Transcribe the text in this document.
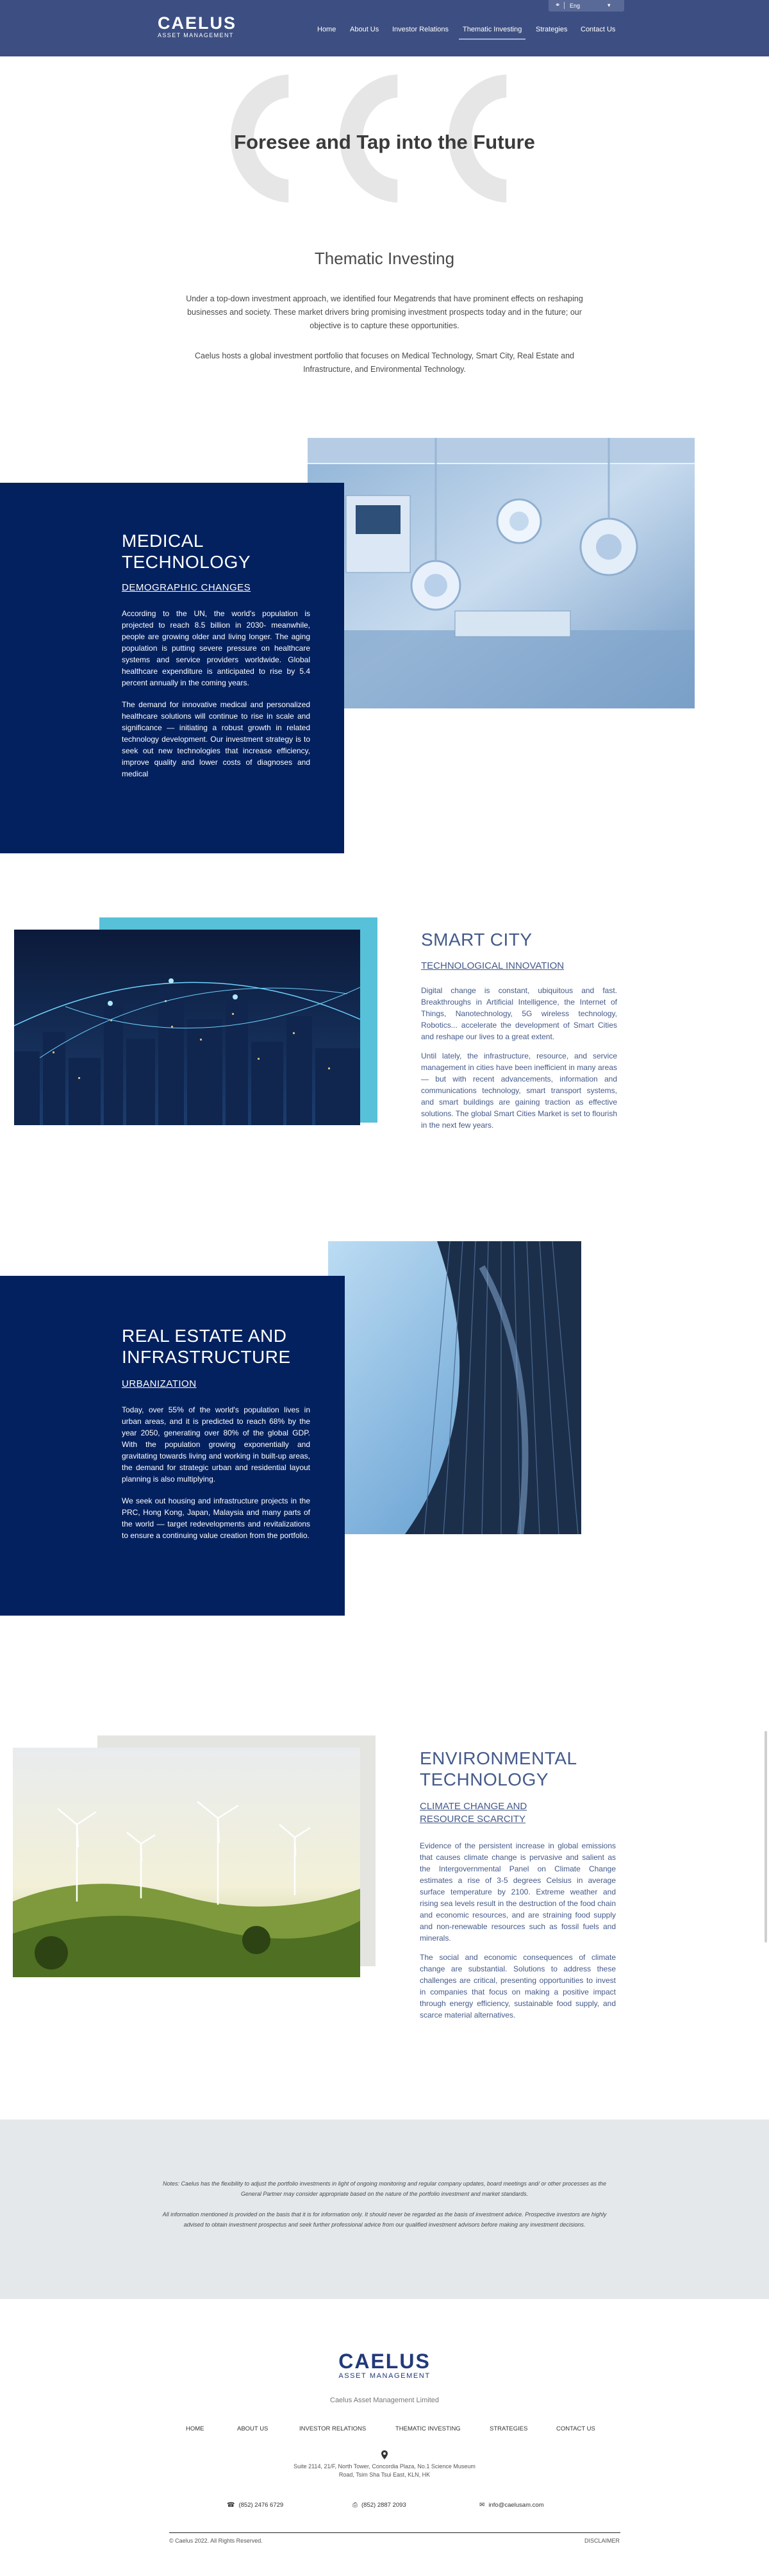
CAELUS
ASSET MANAGEMENT
Home About Us Investor Relations Thematic Investing Strategies Contact Us
⚭ Eng	▾
Foresee and Tap into the Future
Thematic Investing
Under a top-down investment approach, we identified four Megatrends that have prominent effects on reshaping businesses and society. These market drivers bring promising investment prospects today and in the future; our objective is to capture these opportunities.
Caelus hosts a global investment portfolio that focuses on Medical Technology, Smart City, Real Estate and Infrastructure, and Environmental Technology.
MEDICAL TECHNOLOGY
DEMOGRAPHIC CHANGES

According to the UN, the world's population is projected to reach 8.5 billion in 2030- meanwhile, people are growing older and living longer. The aging population is putting severe pressure on healthcare systems and service providers worldwide. Global healthcare expenditure is anticipated to rise by 5.4 percent annually in the coming years.

The demand for innovative medical and personalized healthcare solutions will continue to rise in scale and significance — initiating a robust growth in related technology development. Our investment strategy is to seek out new technologies that increase efficiency, improve quality and lower costs of diagnoses and medical

SMART CITY
TECHNOLOGICAL INNOVATION

Digital change is constant, ubiquitous and fast. Breakthroughs in Artificial Intelligence, the Internet of Things, Nanotechnology, 5G wireless technology, Robotics... accelerate the development of Smart Cities and reshape our lives to a great extent.

Until lately, the infrastructure, resource, and service management in cities have been inefficient in many areas — but with recent advancements, information and communications technology, smart transport systems, and smart buildings are gaining traction as effective solutions. The global Smart Cities Market is set to flourish in the next few years.

REAL ESTATE AND INFRASTRUCTURE
URBANIZATION

Today, over 55% of the world's population lives in urban areas, and it is predicted to reach 68% by the year 2050, generating over 80% of the global GDP. With the population growing exponentially and gravitating towards living and working in built-up areas, the demand for strategic urban and residential layout planning is also multiplying.

We seek out housing and infrastructure projects in the PRC, Hong Kong, Japan, Malaysia and many parts of the world — target redevelopments and revitalizations to ensure a continuing value creation from the portfolio.

ENVIRONMENTAL TECHNOLOGY
CLIMATE CHANGE AND RESOURCE SCARCITY

Evidence of the persistent increase in global emissions that causes climate change is pervasive and salient as the Intergovernmental Panel on Climate Change estimates a rise of 3-5 degrees Celsius in average surface temperature by 2100. Extreme weather and rising sea levels result in the destruction of the food chain and economic resources, and are straining food supply and non-renewable resources such as fossil fuels and minerals.

The social and economic consequences of climate change are substantial. Solutions to address these challenges are critical, presenting opportunities to invest in companies that focus on making a positive impact through energy efficiency, sustainable food supply, and scarce material alternatives.

Notes: Caelus has the flexibility to adjust the portfolio investments in light of ongoing monitoring and regular company updates, board meetings and/ or other processes as the General Partner may consider appropriate based on the nature of the portfolio investment and market standards.

All information mentioned is provided on the basis that it is for information only. It should never be regarded as the basis of investment advice. Prospective investors are highly advised to obtain investment prospectus and seek further professional advice from our qualified investment advisors before making any investment decisions.

CAELUS
ASSET MANAGEMENT
Caelus Asset Management Limited
HOME	ABOUT US	INVESTOR RELATIONS	THEMATIC INVESTING	STRATEGIES	CONTACT US
Suite 2114, 21/F, North Tower, Concordia Plaza, No.1 Science Museum
Road, Tsim Sha Tsui East, KLN, HK
☎ (852) 2476 6729	⎙ (852) 2887 2093	✉ info@caelusam.com
© Caelus 2022. All Rights Reserved.	DISCLAIMER
